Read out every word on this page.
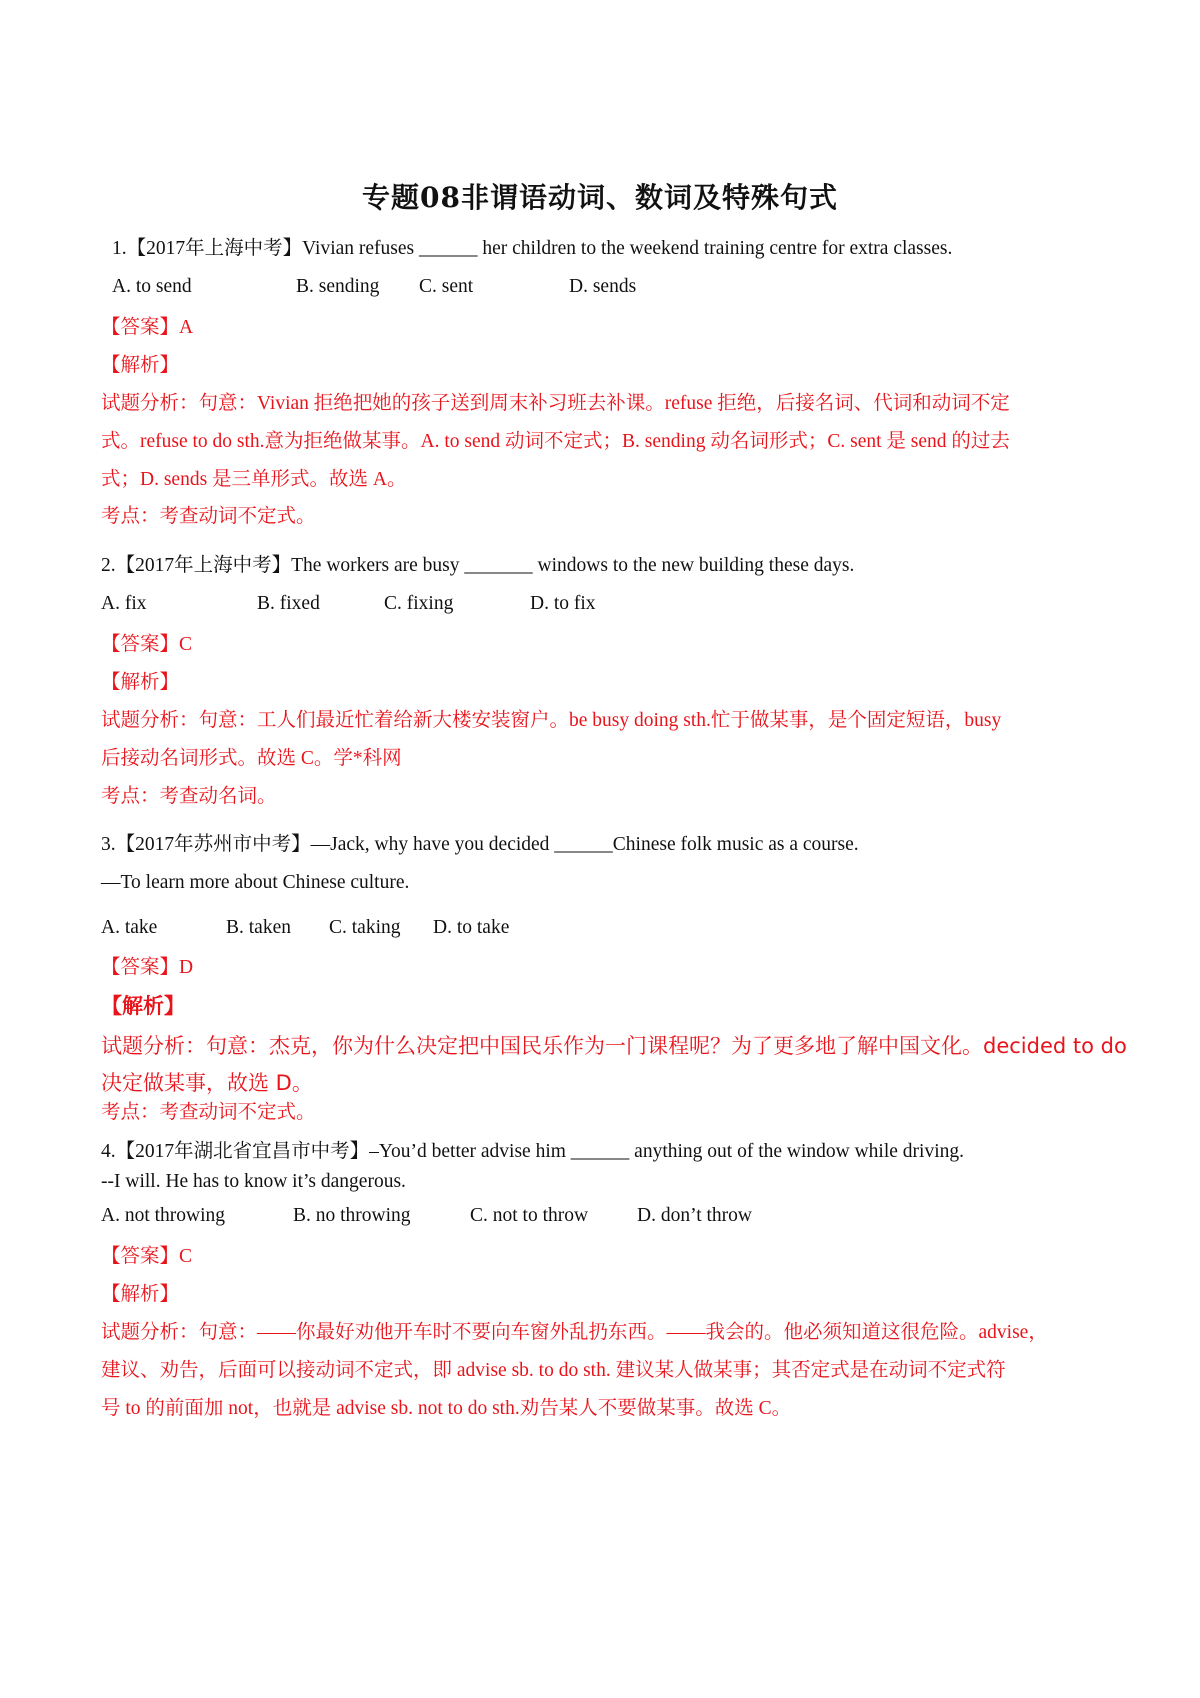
专题08非谓语动词、数词及特殊句式
1.【2017年上海中考】Vivian refuses ______ her children to the weekend training centre for extra classes.
A. to send	B. sending C. sent	D. sends
【答案】A
【解析】
试题分析：句意：Vivian 拒绝把她的孩子送到周末补习班去补课。refuse 拒绝，后接名词、代词和动词不定
式。refuse to do sth.意为拒绝做某事。A. to send 动词不定式；B. sending 动名词形式；C. sent 是 send 的过去
式；D. sends 是三单形式。故选 A。
考点：考查动词不定式。
2.【2017年上海中考】The workers are busy _______ windows to the new building these days.
A. fix	B. fixed	C. fixing	D. to fix
【答案】C
【解析】
试题分析：句意：工人们最近忙着给新大楼安装窗户。be busy doing sth.忙于做某事，是个固定短语，busy
后接动名词形式。故选 C。学*科网
考点：考查动名词。
3.【2017年苏州市中考】—Jack, why have you decided ______Chinese folk music as a course.
—To learn more about Chinese culture.
A. take	B. taken C. taking D. to take
【答案】D
【解析】
试题分析：句意：杰克，你为什么决定把中国民乐作为一门课程呢？为了更多地了解中国文化。decided to do
决定做某事，故选 D。
考点：考查动词不定式。
4.【2017年湖北省宜昌市中考】–You’d better advise him ______ anything out of the window while driving.
--I will. He has to know it’s dangerous.
A. not throwing	B. no throwing	C. not to throw	D. don’t throw
【答案】C
【解析】
试题分析：句意：——你最好劝他开车时不要向车窗外乱扔东西。——我会的。他必须知道这很危险。advise，
建议、劝告，后面可以接动词不定式，即 advise sb. to do sth. 建议某人做某事；其否定式是在动词不定式符
号 to 的前面加 not，也就是 advise sb. not to do sth.劝告某人不要做某事。故选 C。
